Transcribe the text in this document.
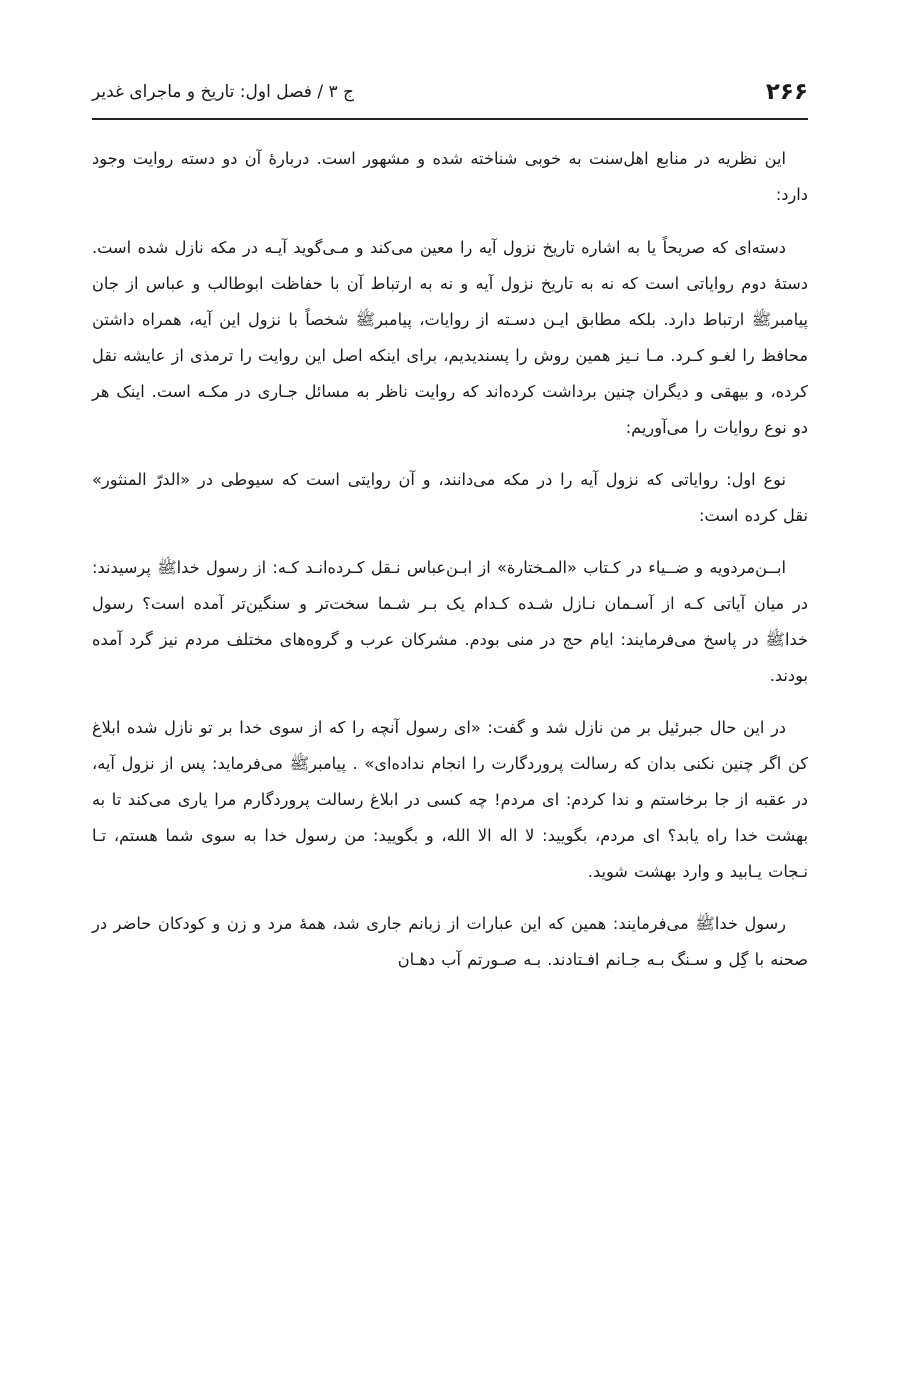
۲۶۶
ج ۳ / فصل اول: تاریخ و ماجرای غدیر

این نظریه در منابع اهل‌سنت به خوبی شناخته شده و مشهور است. دربارهٔ آن دو دسته روایت وجود دارد:

دسته‌ای که صریحاً یا به اشاره تاریخ نزول آیه را معین می‌کند و مـی‌گوید آیـه در مکه نازل شده است. دستهٔ دوم روایاتی است که نه به تاریخ نزول آیه و نه به ارتباط آن با حفاظت ابوطالب و عباس از جان پیامبرﷺ ارتباط دارد. بلکه مطابق ایـن دسـته از روایات، پیامبرﷺ شخصاً با نزول این آیه، همراه داشتن محافظ را لغـو کـرد. مـا نـیز همین روش را پسندیدیم، برای اینکه اصل این روایت را ترمذی از عایشه نقل کرده، و بیهقی و دیگران چنین برداشت کرده‌اند که روایت ناظر به مسائل جـاری در مکـه است. اینک هر دو نوع روایات را می‌آوریم:

نوع اول: روایاتی که نزول آیه را در مکه می‌دانند، و آن روایتی است که سیوطی در «الدرّ المنثور» نقل کرده است:

ابــن‌مردویه و ضــیاء در کـتاب «المـختارة» از ابـن‌عباس نـقل کـرده‌انـد کـه: از رسول خداﷺ پرسیدند: در میان آیاتی کـه از آسـمان نـازل شـده کـدام یک بـر شـما سخت‌تر و سنگین‌تر آمده است؟ رسول خداﷺ در پاسخ می‌فرمایند: ایام حج در منی بودم. مشرکان عرب و گروه‌های مختلف مردم نیز گرد آمده بودند.

در این حال جبرئیل بر من نازل شد و گفت: «ای رسول آنچه را که از سوی خدا بر تو نازل شده ابلاغ کن اگر چنین نکنی بدان که رسالت پروردگارت را انجام نداده‌ای» . پیامبرﷺ می‌فرماید: پس از نزول آیه، در عقبه از جا برخاستم و ندا کردم: ای مردم! چه کسی در ابلاغ رسالت پروردگارم مرا یاری می‌کند تا به بهشت خدا راه یابد؟ ای مردم، بگویید: لا اله الا الله، و بگویید: من رسول خدا به سوی شما هستم، تـا نـجات یـابید و وارد بهشت شوید.

رسول خداﷺ می‌فرمایند: همین که این عبارات از زبانم جاری شد، همهٔ مرد و زن و کودکان حاضر در صحنه با گِل و سـنگ بـه جـانم افـتادند. بـه صـورتم آب دهـان
